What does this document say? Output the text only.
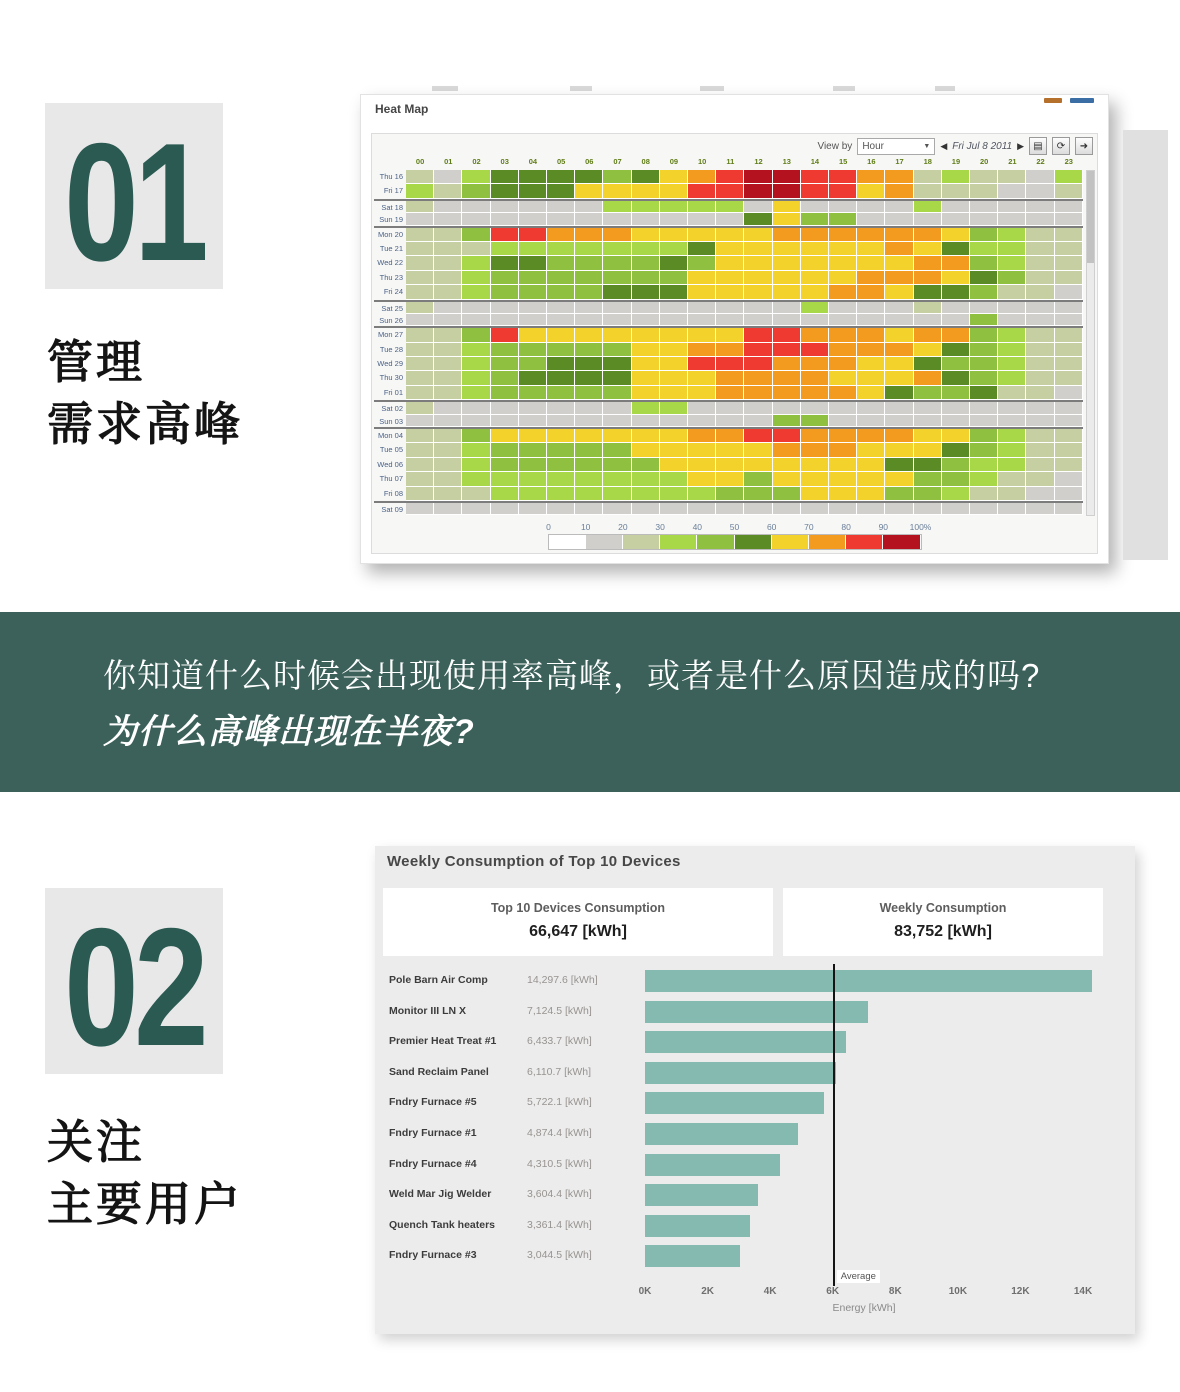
01
管理
需求高峰
Heat Map
View by Hour	▼ ◀ Fri Jul 8 2011 ▶ ▤	⟳	➜
00	01	02	03	04	05	06	07	08	09	10	11	12	13	14	15	16	17	18	19	20	21	22	23
Thu 16
Fri 17
Sat 18
Sun 19
Mon 20
Tue 21
Wed 22
Thu 23
Fri 24
Sat 25
Sun 26
Mon 27
Tue 28
Wed 29
Thu 30
Fri 01
Sat 02
Sun 03
Mon 04
Tue 05
Wed 06
Thu 07
Fri 08
Sat 09
0	10	20	30	40	50	60	70	80	90	100%
你知道什么时候会出现使用率高峰，或者是什么原因造成的吗?
为什么高峰出现在半夜?
02
关注
主要用户
Weekly Consumption of Top 10 Devices
Top 10 Devices Consumption
66,647 [kWh]
Weekly Consumption
83,752 [kWh]
Pole Barn Air Comp	14,297.6 [kWh]
Monitor III LN X	7,124.5 [kWh]
Premier Heat Treat #1	6,433.7 [kWh]
Sand Reclaim Panel	6,110.7 [kWh]
Fndry Furnace #5	5,722.1 [kWh]
Fndry Furnace #1	4,874.4 [kWh]
Fndry Furnace #4	4,310.5 [kWh]
Weld Mar Jig Welder	3,604.4 [kWh]
Quench Tank heaters	3,361.4 [kWh]
Fndry Furnace #3	3,044.5 [kWh]
Average
0K	2K	4K	6K	8K	10K	12K	14K
Energy [kWh]
